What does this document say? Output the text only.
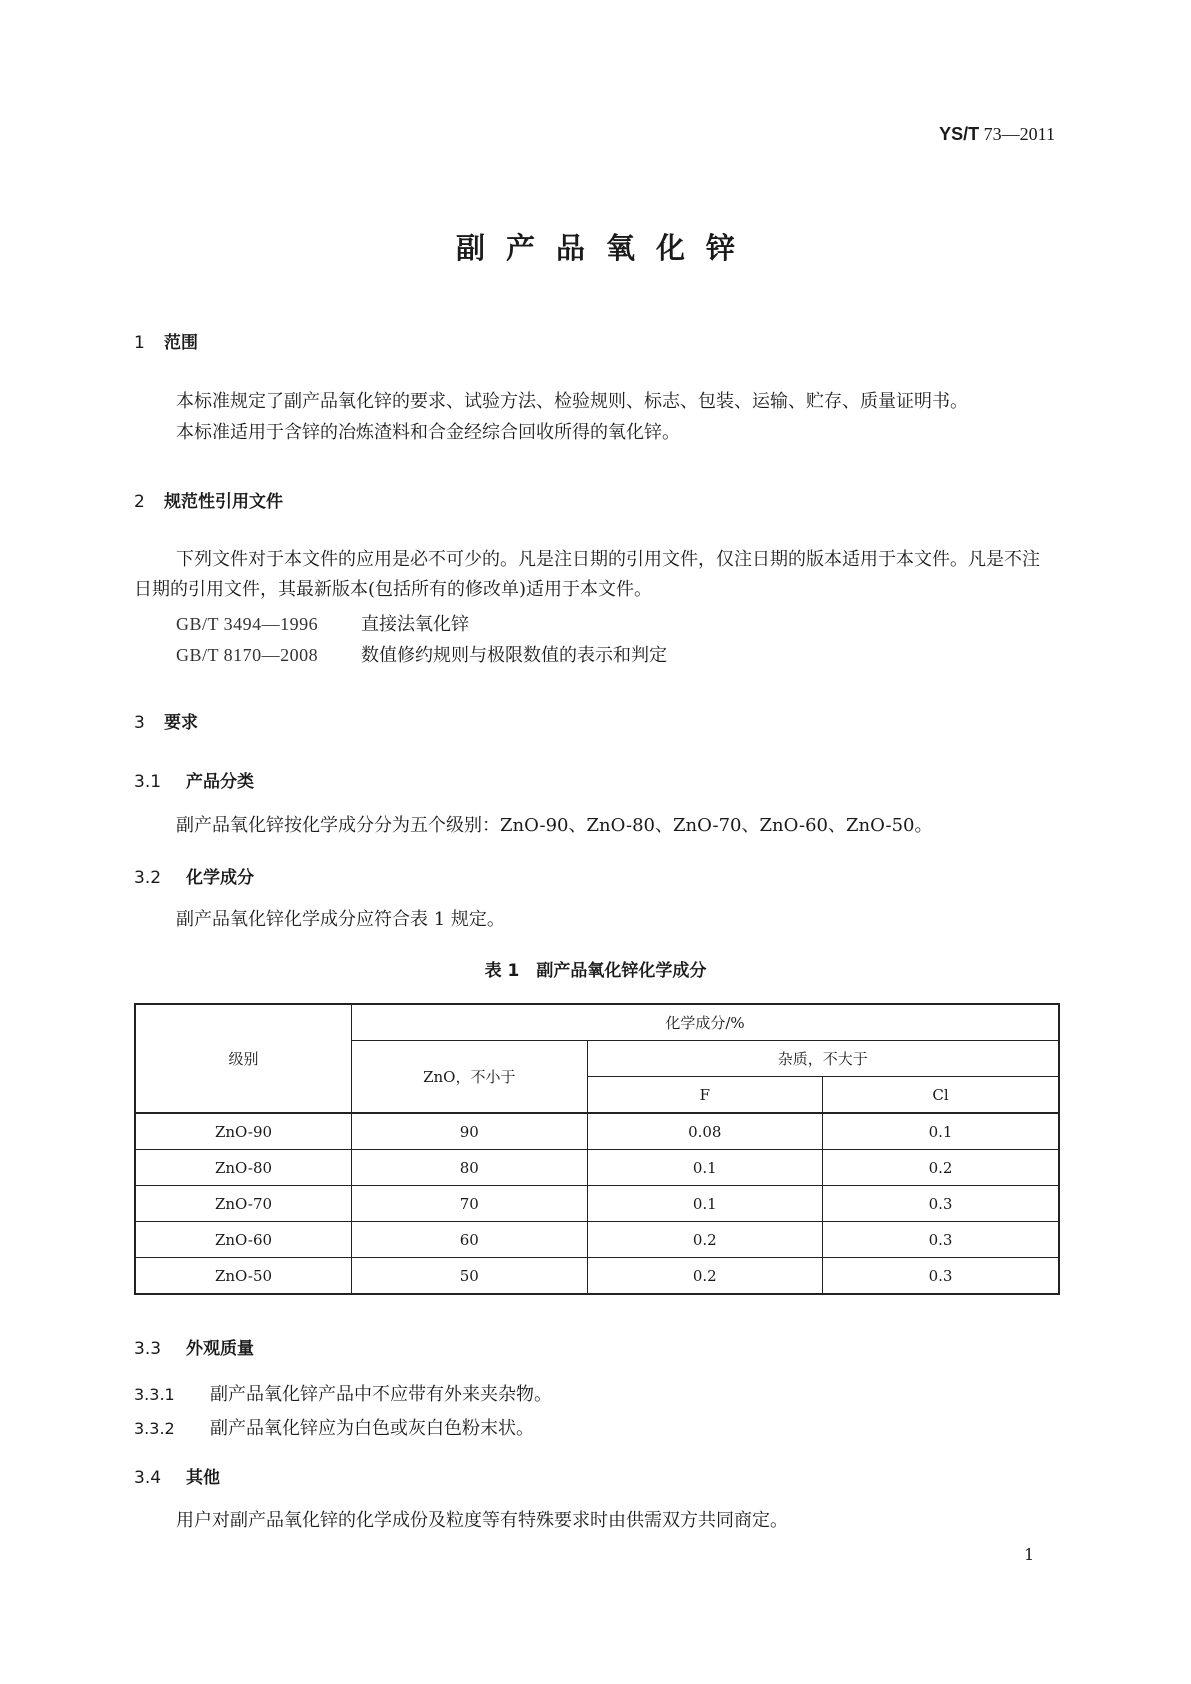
YS/T 73—2011
副产品氧化锌
1 范围
本标准规定了副产品氧化锌的要求、试验方法、检验规则、标志、包装、运输、贮存、质量证明书。
本标准适用于含锌的冶炼渣料和合金经综合回收所得的氧化锌。
2 规范性引用文件
下列文件对于本文件的应用是必不可少的。凡是注日期的引用文件，仅注日期的版本适用于本文件。凡是不注日期的引用文件，其最新版本(包括所有的修改单)适用于本文件。
GB/T 3494—1996 直接法氧化锌
GB/T 8170—2008 数值修约规则与极限数值的表示和判定
3 要求
3.1 产品分类
副产品氧化锌按化学成分分为五个级别：ZnO-90、ZnO-80、ZnO-70、ZnO-60、ZnO-50。
3.2 化学成分
副产品氧化锌化学成分应符合表 1 规定。
表 1　副产品氧化锌化学成分
级别	化学成分/%		
	ZnO，不小于	杂质，不大于	
		F	Cl
ZnO-90	90	0.08	0.1
ZnO-80	80	0.1	0.2
ZnO-70	70	0.1	0.3
ZnO-60	60	0.2	0.3
ZnO-50	50	0.2	0.3
3.3 外观质量
3.3.1 副产品氧化锌产品中不应带有外来夹杂物。
3.3.2 副产品氧化锌应为白色或灰白色粉末状。
3.4 其他
用户对副产品氧化锌的化学成份及粒度等有特殊要求时由供需双方共同商定。
1
